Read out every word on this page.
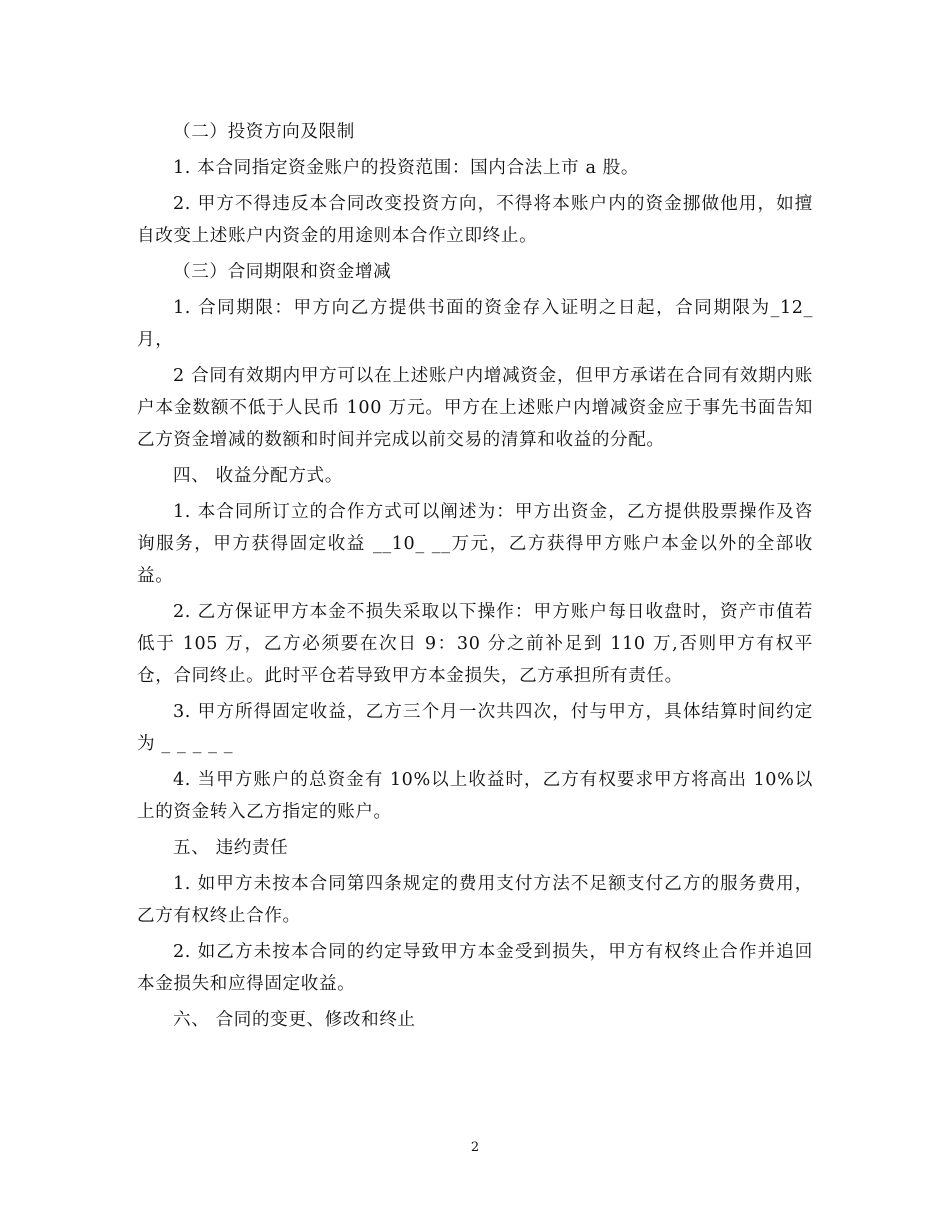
（二）投资方向及限制

1. 本合同指定资金账户的投资范围：国内合法上市 a 股。

2. 甲方不得违反本合同改变投资方向，不得将本账户内的资金挪做他用，如擅自改变上述账户内资金的用途则本合作立即终止。

（三）合同期限和资金增减

1. 合同期限：甲方向乙方提供书面的资金存入证明之日起，合同期限为_12_月，

2 合同有效期内甲方可以在上述账户内增减资金，但甲方承诺在合同有效期内账户本金数额不低于人民币 100 万元。甲方在上述账户内增减资金应于事先书面告知乙方资金增减的数额和时间并完成以前交易的清算和收益的分配。

四、 收益分配方式。

1. 本合同所订立的合作方式可以阐述为：甲方出资金，乙方提供股票操作及咨询服务，甲方获得固定收益 __10_ __万元，乙方获得甲方账户本金以外的全部收益。

2. 乙方保证甲方本金不损失采取以下操作：甲方账户每日收盘时，资产市值若低于 105 万，乙方必须要在次日 9：30 分之前补足到 110 万,否则甲方有权平仓，合同终止。此时平仓若导致甲方本金损失，乙方承担所有责任。

3. 甲方所得固定收益，乙方三个月一次共四次，付与甲方，具体结算时间约定为 _ _ _ _ _

4. 当甲方账户的总资金有 10%以上收益时，乙方有权要求甲方将高出 10%以上的资金转入乙方指定的账户。

五、 违约责任

1. 如甲方未按本合同第四条规定的费用支付方法不足额支付乙方的服务费用，乙方有权终止合作。

2. 如乙方未按本合同的约定导致甲方本金受到损失，甲方有权终止合作并追回本金损失和应得固定收益。

六、 合同的变更、修改和终止

2
